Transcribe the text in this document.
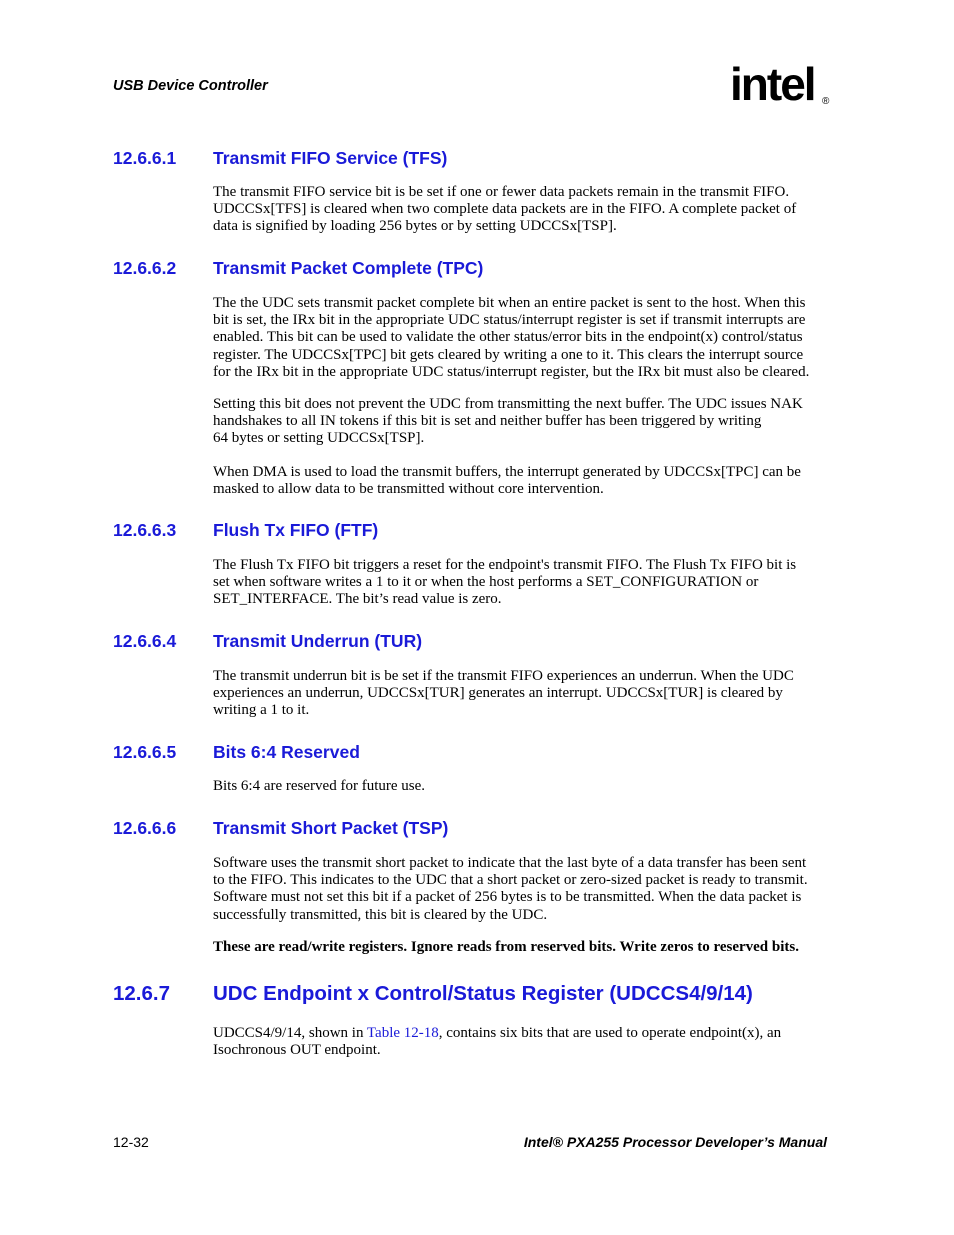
USB Device Controller	intel ®
12.6.6.1 Transmit FIFO Service (TFS)

The transmit FIFO service bit is be set if one or fewer data packets remain in the transmit FIFO.
UDCCSx[TFS] is cleared when two complete data packets are in the FIFO. A complete packet of
data is signified by loading 256 bytes or by setting UDCCSx[TSP].

12.6.6.2 Transmit Packet Complete (TPC)

The the UDC sets transmit packet complete bit when an entire packet is sent to the host. When this
bit is set, the IRx bit in the appropriate UDC status/interrupt register is set if transmit interrupts are
enabled. This bit can be used to validate the other status/error bits in the endpoint(x) control/status
register. The UDCCSx[TPC] bit gets cleared by writing a one to it. This clears the interrupt source
for the IRx bit in the appropriate UDC status/interrupt register, but the IRx bit must also be cleared.

Setting this bit does not prevent the UDC from transmitting the next buffer. The UDC issues NAK
handshakes to all IN tokens if this bit is set and neither buffer has been triggered by writing
64 bytes or setting UDCCSx[TSP].

When DMA is used to load the transmit buffers, the interrupt generated by UDCCSx[TPC] can be
masked to allow data to be transmitted without core intervention.

12.6.6.3 Flush Tx FIFO (FTF)

The Flush Tx FIFO bit triggers a reset for the endpoint's transmit FIFO. The Flush Tx FIFO bit is
set when software writes a 1 to it or when the host performs a SET_CONFIGURATION or
SET_INTERFACE. The bit’s read value is zero.

12.6.6.4 Transmit Underrun (TUR)

The transmit underrun bit is be set if the transmit FIFO experiences an underrun. When the UDC
experiences an underrun, UDCCSx[TUR] generates an interrupt. UDCCSx[TUR] is cleared by
writing a 1 to it.

12.6.6.5 Bits 6:4 Reserved

Bits 6:4 are reserved for future use.

12.6.6.6 Transmit Short Packet (TSP)

Software uses the transmit short packet to indicate that the last byte of a data transfer has been sent
to the FIFO. This indicates to the UDC that a short packet or zero-sized packet is ready to transmit.
Software must not set this bit if a packet of 256 bytes is to be transmitted. When the data packet is
successfully transmitted, this bit is cleared by the UDC.

These are read/write registers. Ignore reads from reserved bits. Write zeros to reserved bits.

12.6.7 UDC Endpoint x Control/Status Register (UDCCS4/9/14)

UDCCS4/9/14, shown in Table 12-18, contains six bits that are used to operate endpoint(x), an
Isochronous OUT endpoint.

12-32	Intel® PXA255 Processor Developer’s Manual
